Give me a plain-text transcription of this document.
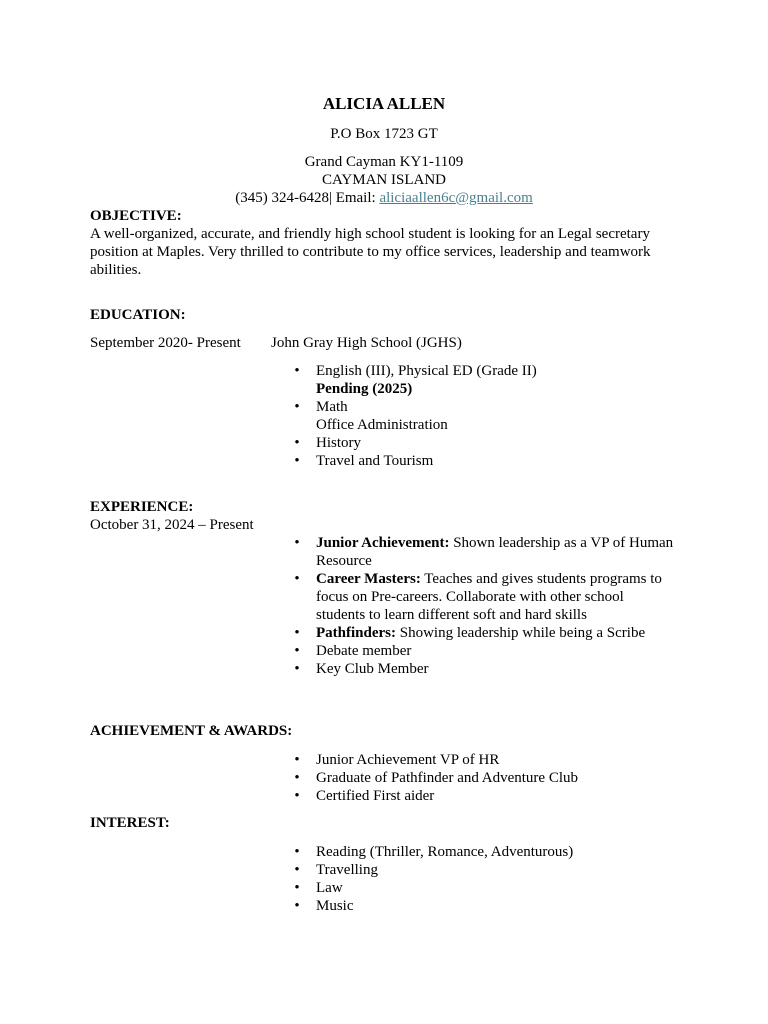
ALICIA ALLEN
P.O Box 1723 GT
Grand Cayman KY1-1109
CAYMAN ISLAND
(345) 324-6428| Email: aliciaallen6c@gmail.com
OBJECTIVE:
A well-organized, accurate, and friendly high school student is looking for an Legal secretary position at Maples. Very thrilled to contribute to my office services, leadership and teamwork abilities.
EDUCATION:
September 2020- Present John Gray High School (JGHS)
• English (III), Physical ED (Grade II)
Pending (2025)
• Math
Office Administration
• History
• Travel and Tourism
EXPERIENCE:
October 31, 2024 – Present
• Junior Achievement: Shown leadership as a VP of Human
Resource
• Career Masters: Teaches and gives students programs to
focus on Pre-careers. Collaborate with other school
students to learn different soft and hard skills
• Pathfinders: Showing leadership while being a Scribe
• Debate member
• Key Club Member
ACHIEVEMENT & AWARDS:
• Junior Achievement VP of HR
• Graduate of Pathfinder and Adventure Club
• Certified First aider
INTEREST:
• Reading (Thriller, Romance, Adventurous)
• Travelling
• Law
• Music
